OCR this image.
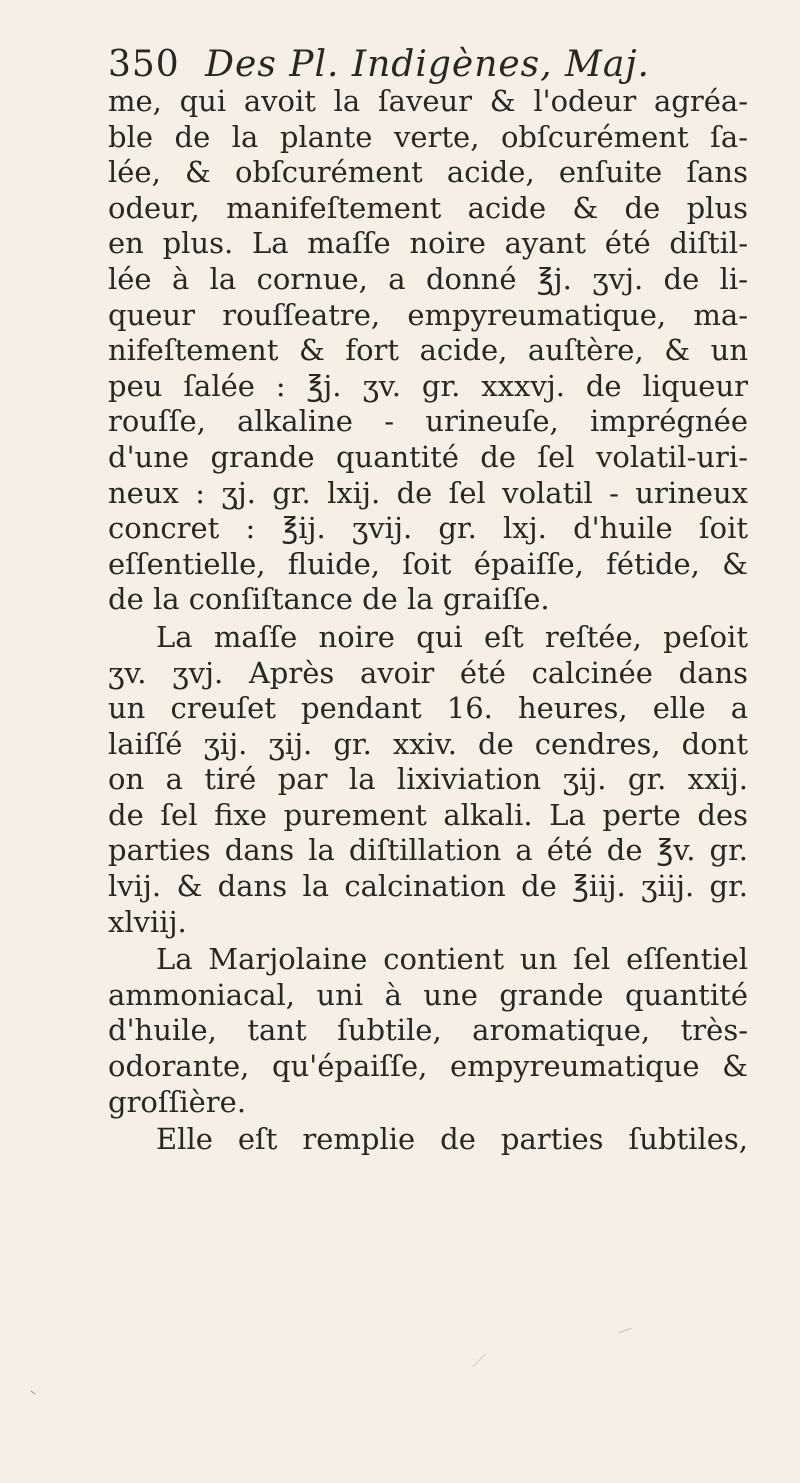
350 Des Pl. Indigènes, Maj.
me, qui avoit la ſaveur & l'odeur agréa-
ble de la plante verte, obſcurément ſa-
lée, & obſcurément acide, enſuite ſans
odeur, manifeſtement acide & de plus
en plus. La maſſe noire ayant été diſtil-
lée à la cornue, a donné ℥j. ʒvj. de li-
queur rouſſeatre, empyreumatique, ma-
nifeſtement & fort acide, auſtère, & un
peu ſalée : ℥j. ʒv. gr. xxxvj. de liqueur
rouſſe, alkaline - urineuſe, imprégnée
d'une grande quantité de ſel volatil-uri-
neux : ʒj. gr. lxij. de ſel volatil - urineux
concret : ℥ij. ʒvij. gr. lxj. d'huile ſoit
eſſentielle, fluide, ſoit épaiſſe, fétide, &
de la conſiſtance de la graiſſe.
La maſſe noire qui eſt reſtée, peſoit
ʒv. ʒvj. Après avoir été calcinée dans
un creuſet pendant 16. heures, elle a
laiſſé ʒij. ʒij. gr. xxiv. de cendres, dont
on a tiré par la lixiviation ʒij. gr. xxij.
de ſel fixe purement alkali. La perte des
parties dans la diſtillation a été de ℥v. gr.
lvij. & dans la calcination de ℥iij. ʒiij. gr.
xlviij.
La Marjolaine contient un ſel eſſentiel
ammoniacal, uni à une grande quantité
d'huile, tant ſubtile, aromatique, très-
odorante, qu'épaiſſe, empyreumatique &
groſſière.
Elle eſt remplie de parties ſubtiles,
